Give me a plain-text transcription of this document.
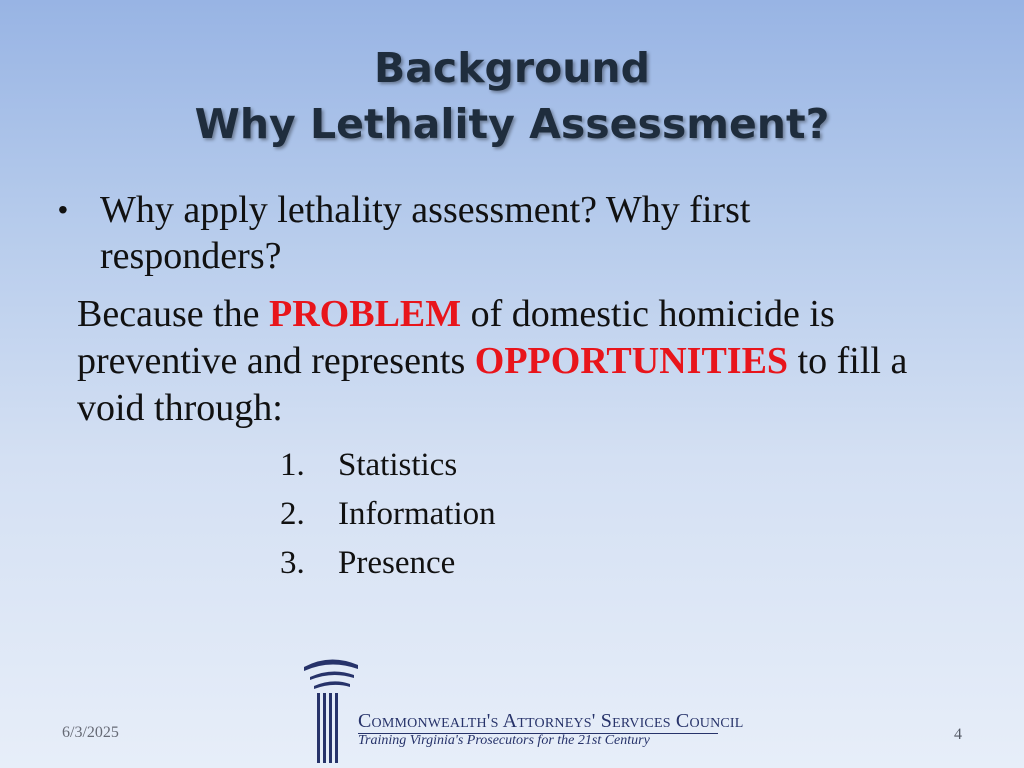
Background
Why Lethality Assessment?
• Why apply lethality assessment? Why first responders?
Because the PROBLEM of domestic homicide is preventive and represents OPPORTUNITIES to fill a void through:
1.	Statistics
2.	Information
3.	Presence
Commonwealth's Attorneys' Services Council
Training Virginia's Prosecutors for the 21st Century
6/3/2025	4
